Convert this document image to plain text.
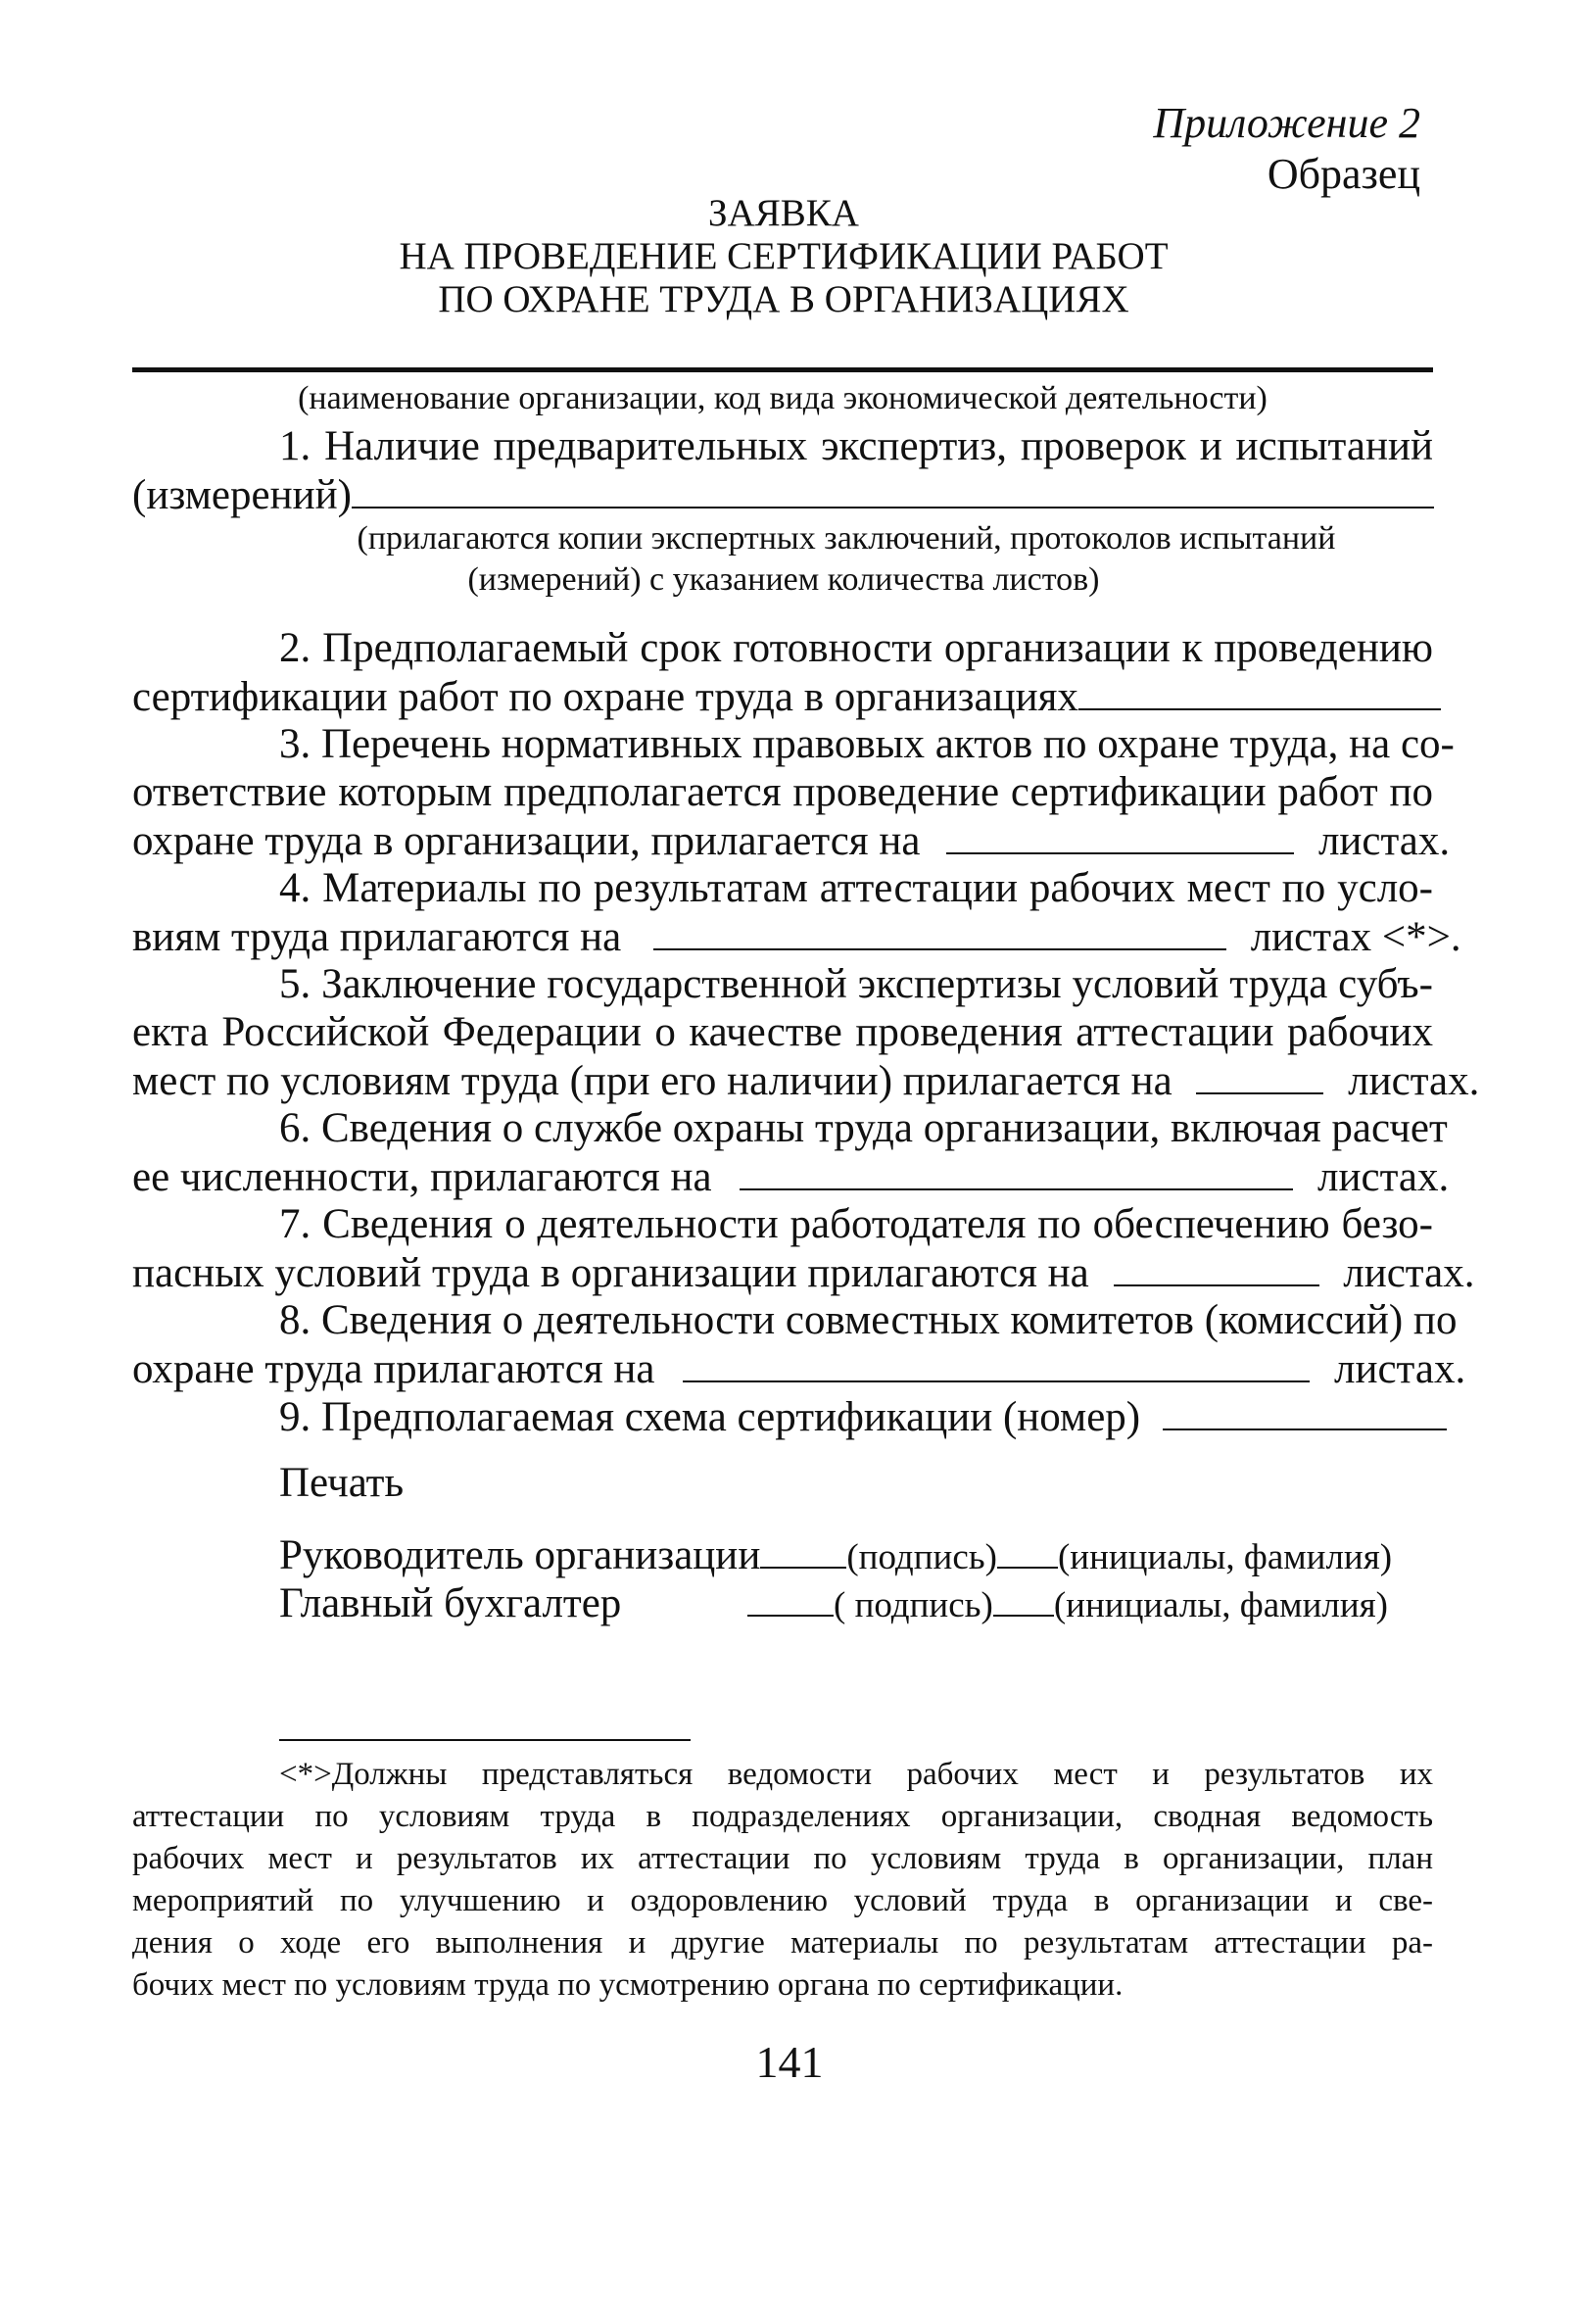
Приложение 2
Образец
ЗАЯВКА
НА ПРОВЕДЕНИЕ СЕРТИФИКАЦИИ РАБОТ
ПО ОХРАНЕ ТРУДА В ОРГАНИЗАЦИЯХ
(наименование организации, код вида экономической деятельности)
1. Наличие предварительных экспертиз, проверок и испытаний
(измерений)
(прилагаются копии экспертных заключений, протоколов испытаний
(измерений) с указанием количества листов)
2. Предполагаемый срок готовности организации к проведению
сертификации работ по охране труда в организациях
3. Перечень нормативных правовых актов по охране труда, на со-
ответствие которым предполагается проведение сертификации работ по
охране труда в организации, прилагается на	листах.
4. Материалы по результатам аттестации рабочих мест по усло-
виям труда прилагаются на	листах <*>.
5. Заключение государственной экспертизы условий труда субъ-
екта Российской Федерации о качестве проведения аттестации рабочих
мест по условиям труда (при его наличии) прилагается на	листах.
6. Сведения о службе охраны труда организации, включая расчет
ее численности, прилагаются на	листах.
7. Сведения о деятельности работодателя по обеспечению безо-
пасных условий труда в организации прилагаются на	листах.
8. Сведения о деятельности совместных комитетов (комиссий) по
охране труда прилагаются на	листах.
9. Предполагаемая схема сертификации (номер)
Печать
Руководитель организации (подпись) (инициалы, фамилия)
Главный бухгалтер	( подпись) (инициалы, фамилия)
<*>Должны представляться ведомости рабочих мест и результатов их
аттестации по условиям труда в подразделениях организации, сводная ведомость
рабочих мест и результатов их аттестации по условиям труда в организации, план
мероприятий по улучшению и оздоровлению условий труда в организации и све-
дения о ходе его выполнения и другие материалы по результатам аттестации ра-
бочих мест по условиям труда по усмотрению органа по сертификации.
141
